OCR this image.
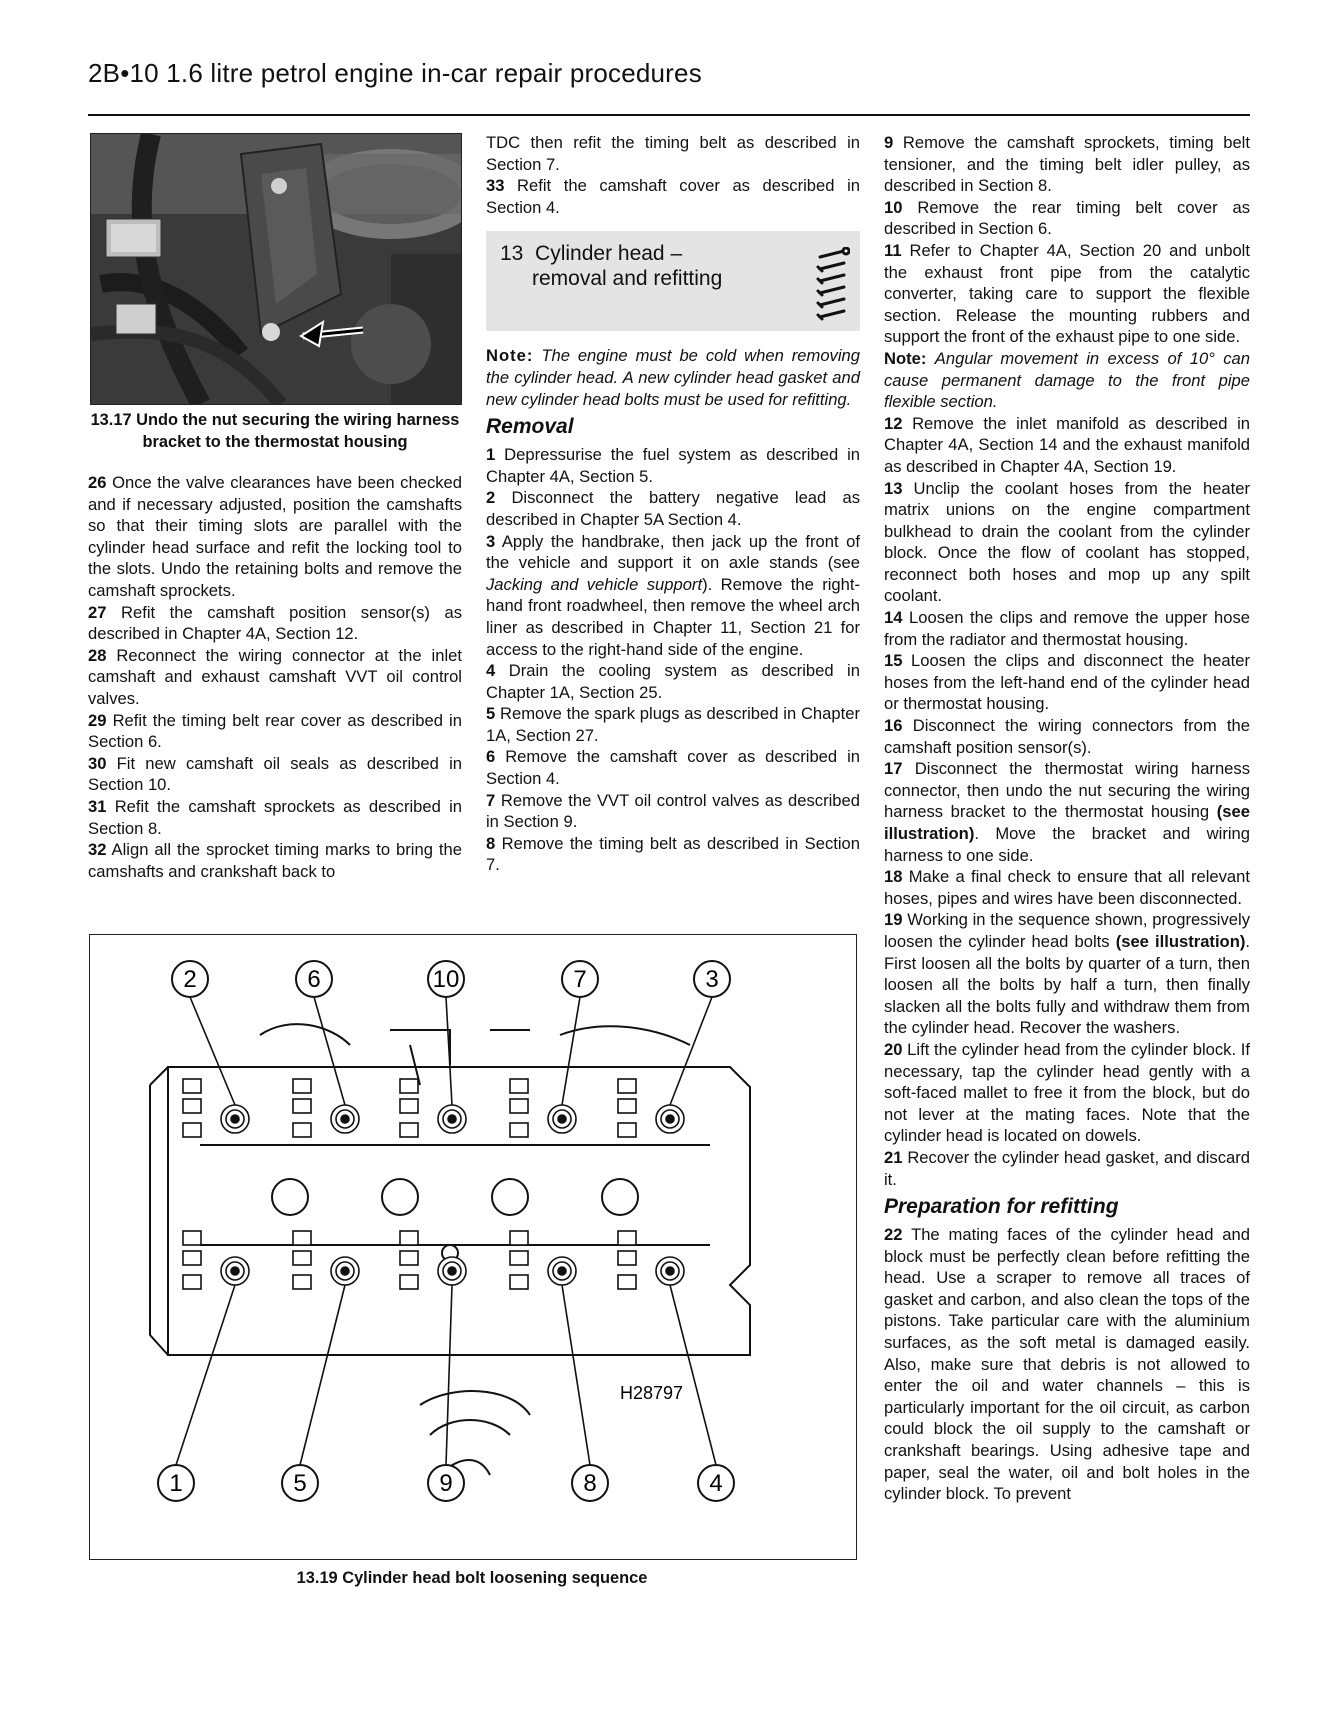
2B•10 1.6 litre petrol engine in-car repair procedures
13.17 Undo the nut securing the wiring harness bracket to the thermostat housing

26 Once the valve clearances have been checked and if necessary adjusted, position the camshafts so that their timing slots are parallel with the cylinder head surface and refit the locking tool to the slots. Undo the retaining bolts and remove the camshaft sprockets.

27 Refit the camshaft position sensor(s) as described in Chapter 4A, Section 12.

28 Reconnect the wiring connector at the inlet camshaft and exhaust camshaft VVT oil control valves.

29 Refit the timing belt rear cover as described in Section 6.

30 Fit new camshaft oil seals as described in Section 10.

31 Refit the camshaft sprockets as described in Section 8.

32 Align all the sprocket timing marks to bring the camshafts and crankshaft back to

TDC then refit the timing belt as described in Section 7.

33 Refit the camshaft cover as described in Section 4.

13 Cylinder head –
removal and refitting

Note: The engine must be cold when removing the cylinder head. A new cylinder head gasket and new cylinder head bolts must be used for refitting.

Removal

1 Depressurise the fuel system as described in Chapter 4A, Section 5.

2 Disconnect the battery negative lead as described in Chapter 5A Section 4.

3 Apply the handbrake, then jack up the front of the vehicle and support it on axle stands (see Jacking and vehicle support). Remove the right-hand front roadwheel, then remove the wheel arch liner as described in Chapter 11, Section 21 for access to the right-hand side of the engine.

4 Drain the cooling system as described in Chapter 1A, Section 25.

5 Remove the spark plugs as described in Chapter 1A, Section 27.

6 Remove the camshaft cover as described in Section 4.

7 Remove the VVT oil control valves as described in Section 9.

8 Remove the timing belt as described in Section 7.

9 Remove the camshaft sprockets, timing belt tensioner, and the timing belt idler pulley, as described in Section 8.

10 Remove the rear timing belt cover as described in Section 6.

11 Refer to Chapter 4A, Section 20 and unbolt the exhaust front pipe from the catalytic converter, taking care to support the flexible section. Release the mounting rubbers and support the front of the exhaust pipe to one side.

Note: Angular movement in excess of 10° can cause permanent damage to the front pipe flexible section.

12 Remove the inlet manifold as described in Chapter 4A, Section 14 and the exhaust manifold as described in Chapter 4A, Section 19.

13 Unclip the coolant hoses from the heater matrix unions on the engine compartment bulkhead to drain the coolant from the cylinder block. Once the flow of coolant has stopped, reconnect both hoses and mop up any spilt coolant.

14 Loosen the clips and remove the upper hose from the radiator and thermostat housing.

15 Loosen the clips and disconnect the heater hoses from the left-hand end of the cylinder head or thermostat housing.

16 Disconnect the wiring connectors from the camshaft position sensor(s).

17 Disconnect the thermostat wiring harness connector, then undo the nut securing the wiring harness bracket to the thermostat housing (see illustration). Move the bracket and wiring harness to one side.

18 Make a final check to ensure that all relevant hoses, pipes and wires have been disconnected.

19 Working in the sequence shown, progressively loosen the cylinder head bolts (see illustration). First loosen all the bolts by quarter of a turn, then loosen all the bolts by half a turn, then finally slacken all the bolts fully and withdraw them from the cylinder head. Recover the washers.

20 Lift the cylinder head from the cylinder block. If necessary, tap the cylinder head gently with a soft-faced mallet to free it from the block, but do not lever at the mating faces. Note that the cylinder head is located on dowels.

21 Recover the cylinder head gasket, and discard it.

Preparation for refitting

22 The mating faces of the cylinder head and block must be perfectly clean before refitting the head. Use a scraper to remove all traces of gasket and carbon, and also clean the tops of the pistons. Take particular care with the aluminium surfaces, as the soft metal is damaged easily. Also, make sure that debris is not allowed to enter the oil and water channels – this is particularly important for the oil circuit, as carbon could block the oil supply to the camshaft or crankshaft bearings. Using adhesive tape and paper, seal the water, oil and bolt holes in the cylinder block. To prevent

2
1
6
5
10
9
7
8
3
4
H28797
13.19 Cylinder head bolt loosening sequence
